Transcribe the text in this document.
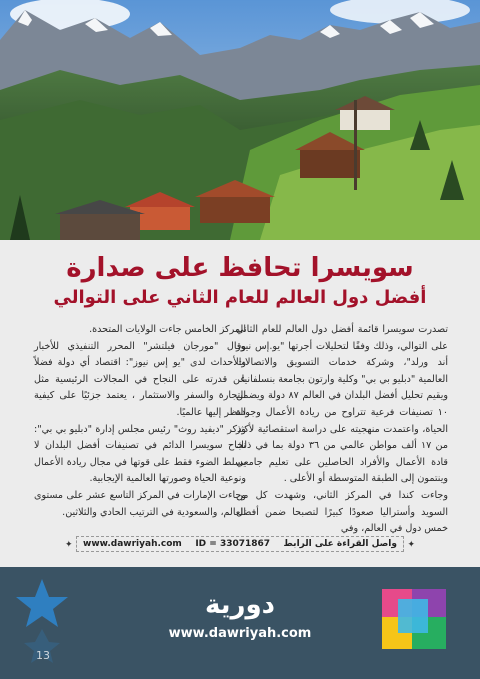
سويسرا تحافظ على صدارة
أفضل دول العالم للعام الثاني على التوالي

تصدرت سويسرا قائمة أفضل دول العالم للعام الثاني على التوالي، وذلك وفقًا لتحليلات أجرتها "يو.إس نيوز أند ورلد"، وشركة خدمات التسويق والاتصالات العالمية "دبليو بي بي" وكلية وارتون بجامعة بنسلفانيا.

ويقيم تحليل أفضل البلدان في العالم ٨٧ دولة ويضمن ١٠ تصنيفات فرعية تتراوح من ريادة الأعمال وجودة الحياة، واعتمدت منهجيته على دراسة استقصائية لأكثر من ١٧ ألف مواطن عالمي من ٣٦ دولة بما في ذلك قادة الأعمال والأفراد الحاصلين على تعليم جامعي وينتمون إلى الطبقة المتوسطة أو الأعلى .

وجاءت كندا في المركز الثاني، وشهدت كل من السويد وأستراليا صعودًا كبيرًا لتصبحا ضمن أفضل خمس دول في العالم، وفي

المركز الخامس جاءت الولايات المتحدة.

وقال "مورجان فيلتشر" المحرر التنفيذي للأخبار والأحداث لدى "يو إس نيوز": اقتصاد أي دولة فضلاً عن قدرته على النجاح في المجالات الرئيسية مثل التجارة والسفر والاستثمار ، يعتمد جزئيًا على كيفية النظر إليها عالميًا.

وذكر "ديفيد روث" رئيس مجلس إدارة "دبليو بي بي": نجاح سويسرا الدائم في تصنيفات أفضل البلدان لا يسلط الضوء فقط على قوتها في مجال ريادة الأعمال ونوعية الحياة وصورتها العالمية الإيجابية.

وجاءت الإمارات في المركز التاسع عشر على مستوى العالم، والسعودية في الترتيب الحادي والثلاثين.

✦
واصل القراءة على الرابط
ID = 33071867
www.dawriyah.com
✦
دورية
www.dawriyah.com
13
